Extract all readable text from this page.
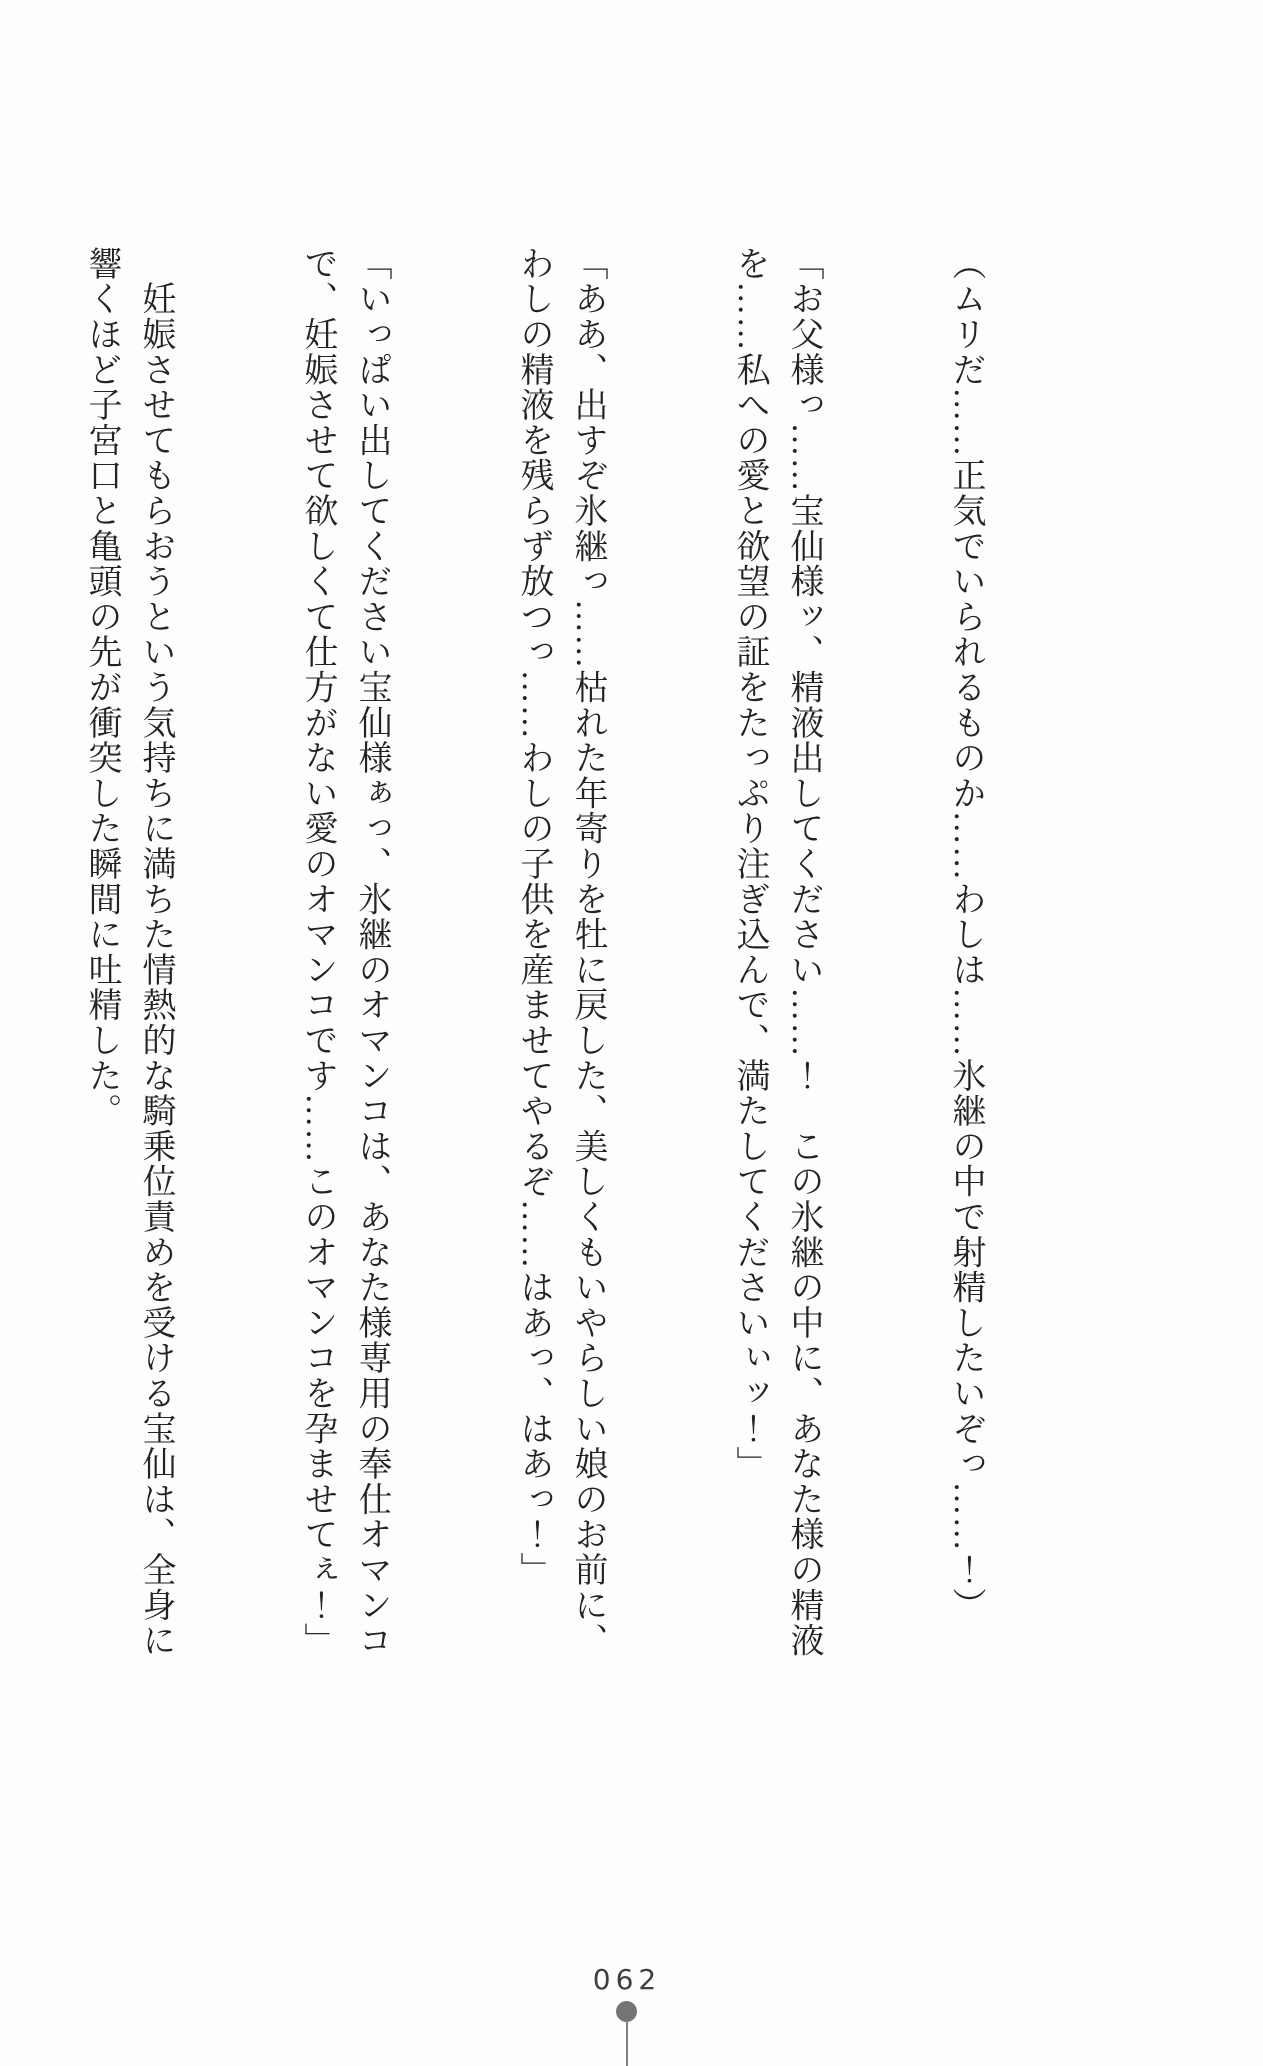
（ムリだ……正気でいられるものか……わしは……氷継の中で射精したいぞっ……！）

「お父様っ……宝仙様ッ、精液出してください……！　この氷継の中に、あなた様の精液を……私への愛と欲望の証をたっぷり注ぎ込んで、満たしてくださいぃッ！」

「ああ、出すぞ氷継っ……枯れた年寄りを牡に戻した、美しくもいやらしい娘のお前に、わしの精液を残らず放つっ……わしの子供を産ませてやるぞ……はあっ、はあっ！」

「いっぱい出してください宝仙様ぁっ、氷継のオマンコは、あなた様専用の奉仕オマンコで、妊娠させて欲しくて仕方がない愛のオマンコです……このオマンコを孕ませてぇ！」

　妊娠させてもらおうという気持ちに満ちた情熱的な騎乗位責めを受ける宝仙は、全身に響くほど子宮口と亀頭の先が衝突した瞬間に吐精した。

062
